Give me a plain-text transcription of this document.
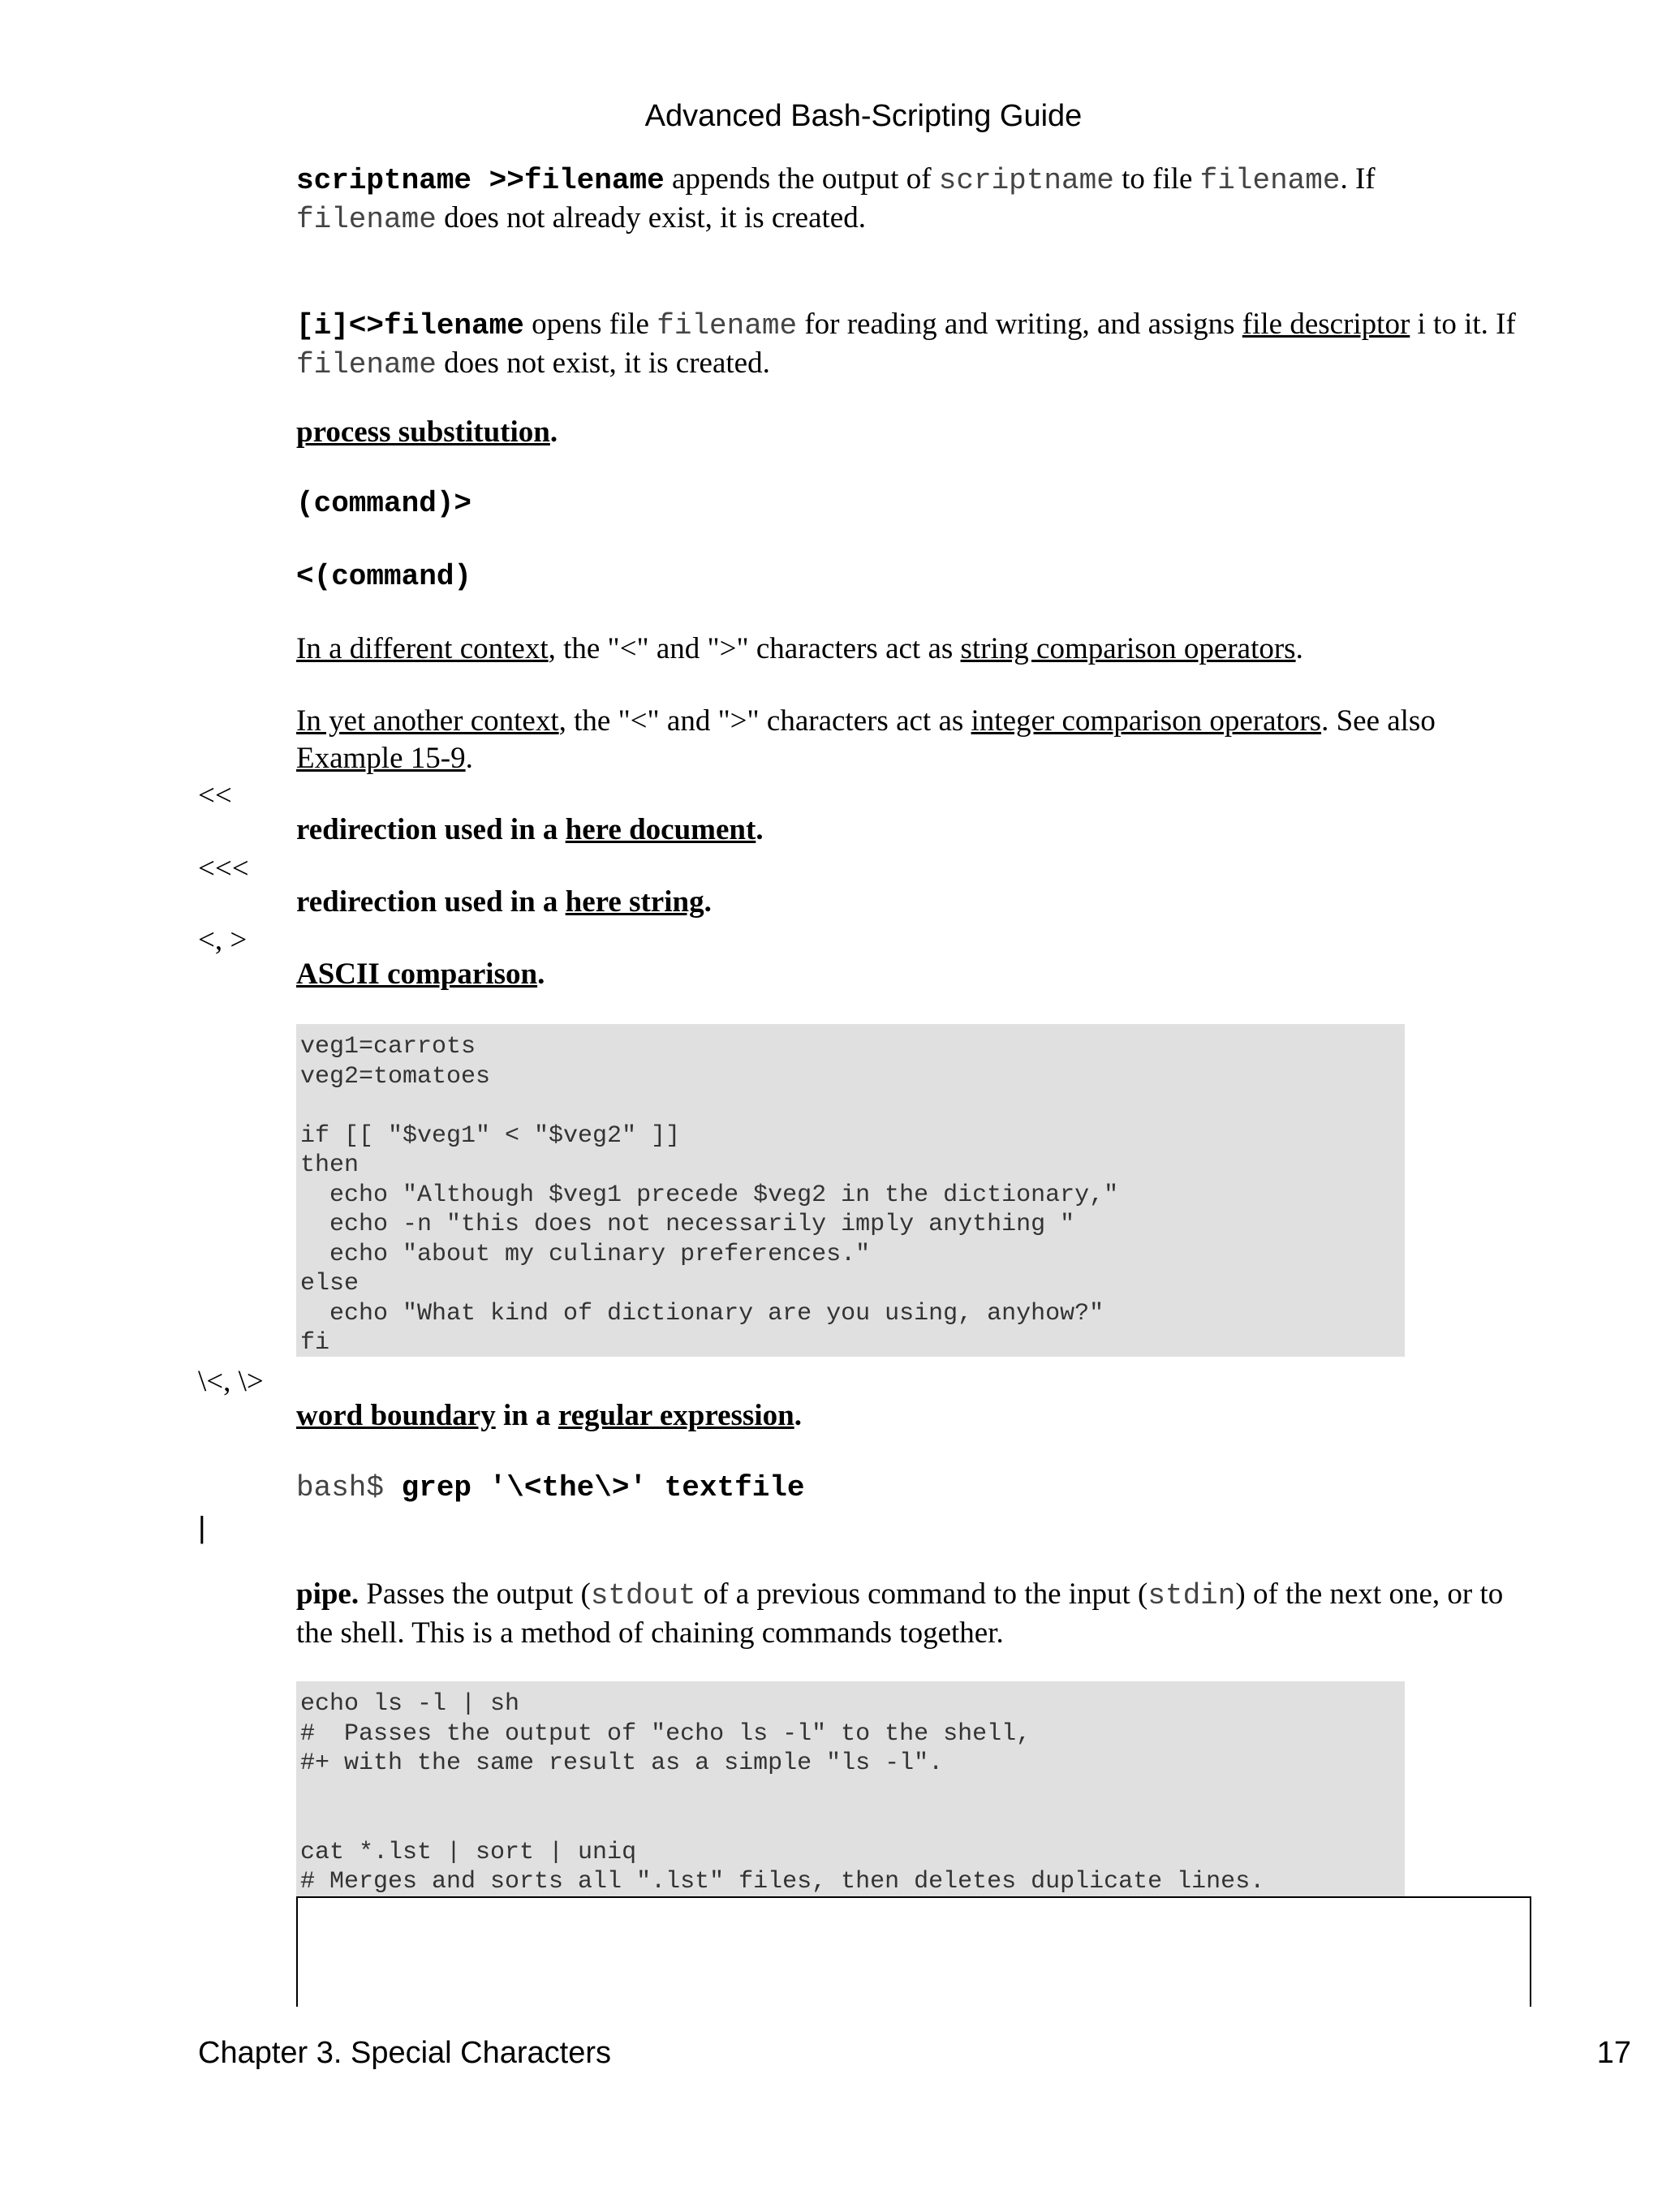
Advanced Bash-Scripting Guide
scriptname >>filename appends the output of scriptname to file filename. If
filename does not already exist, it is created.
[i]<>filename opens file filename for reading and writing, and assigns file descriptor i to it. If
filename does not exist, it is created.
process substitution.
(command)>
<(command)
In a different context, the "<" and ">" characters act as string comparison operators.
In yet another context, the "<" and ">" characters act as integer comparison operators. See also
Example 15-9.
<<
redirection used in a here document.
<<<
redirection used in a here string.
<, >
ASCII comparison.
veg1=carrots
veg2=tomatoes
if [[ "$veg1" < "$veg2" ]]
then
echo "Although $veg1 precede $veg2 in the dictionary,"
echo -n "this does not necessarily imply anything "
echo "about my culinary preferences."
else
echo "What kind of dictionary are you using, anyhow?"
fi
\<, \>
word boundary in a regular expression.
bash$ grep '\<the\>' textfile
|
pipe. Passes the output (stdout of a previous command to the input (stdin) of the next one, or to
the shell. This is a method of chaining commands together.
echo ls -l | sh
#  Passes the output of "echo ls -l" to the shell,
#+ with the same result as a simple "ls -l".
cat *.lst | sort | uniq
# Merges and sorts all ".lst" files, then deletes duplicate lines.
Chapter 3. Special Characters	17
